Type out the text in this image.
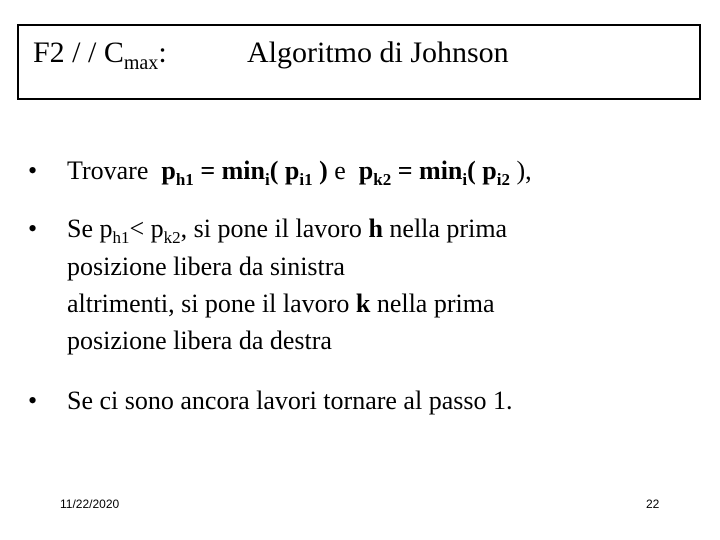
F2 / / $C_{max}$:	Algoritmo di Johnson
• Trovare $p_{h1} = \min_i$( $p_{i1}$ ) e  $p_{k2} = \min_i$( $p_{i2}$ ),
• Se $p_{h1}< p_{k2}$, si pone il lavoro h nella prima
posizione libera da sinistra
altrimenti, si pone il lavoro k nella prima
posizione libera da destra
• Se ci sono ancora lavori tornare al passo 1.
11/22/2020	22
